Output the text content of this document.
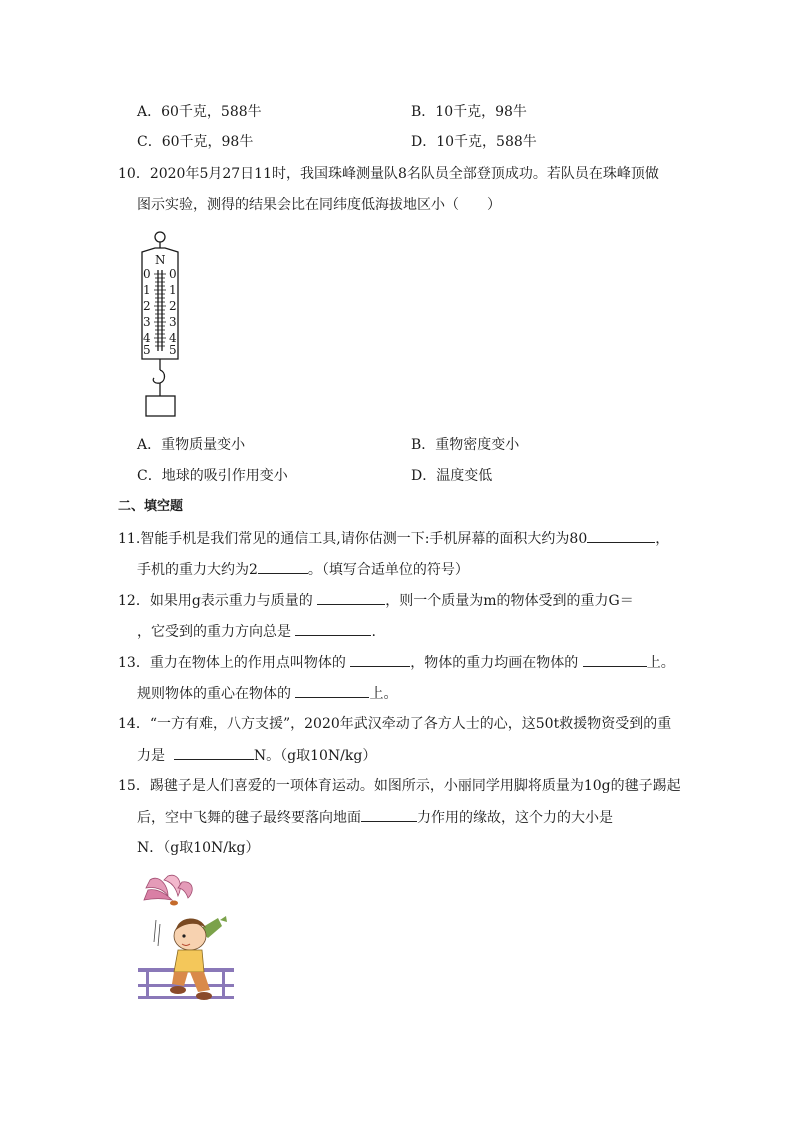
A．60千克，588牛	B．10千克，98牛
C．60千克，98牛	D．10千克，588牛
10．2020年5月27日11时，我国珠峰测量队8名队员全部登顶成功。若队员在珠峰顶做
图示实验，测得的结果会比在同纬度低海拔地区小（　　）
N
0
1
2
3
4
5
0
1
2
3
4
5
A．重物质量变小	B．重物密度变小
C．地球的吸引作用变小	D．温度变低
二、填空题
11.智能手机是我们常见的通信工具,请你估测一下:手机屏幕的面积大约为80	，
手机的重力大约为2	。（填写合适单位的符号）
12．如果用g表示重力与质量的	，则一个质量为m的物体受到的重力G＝
，它受到的重力方向总是	.
13．重力在物体上的作用点叫物体的	，物体的重力均画在物体的	上。
规则物体的重心在物体的	上。
14．“一方有难，八方支援”，2020年武汉牵动了各方人士的心，这50t救援物资受到的重
力是	N。（g取10N/kg）
15．踢毽子是人们喜爱的一项体育运动。如图所示，小丽同学用脚将质量为10g的毽子踢起
后，空中飞舞的毽子最终要落向地面	力作用的缘故，这个力的大小是
N．（g取10N/kg）
